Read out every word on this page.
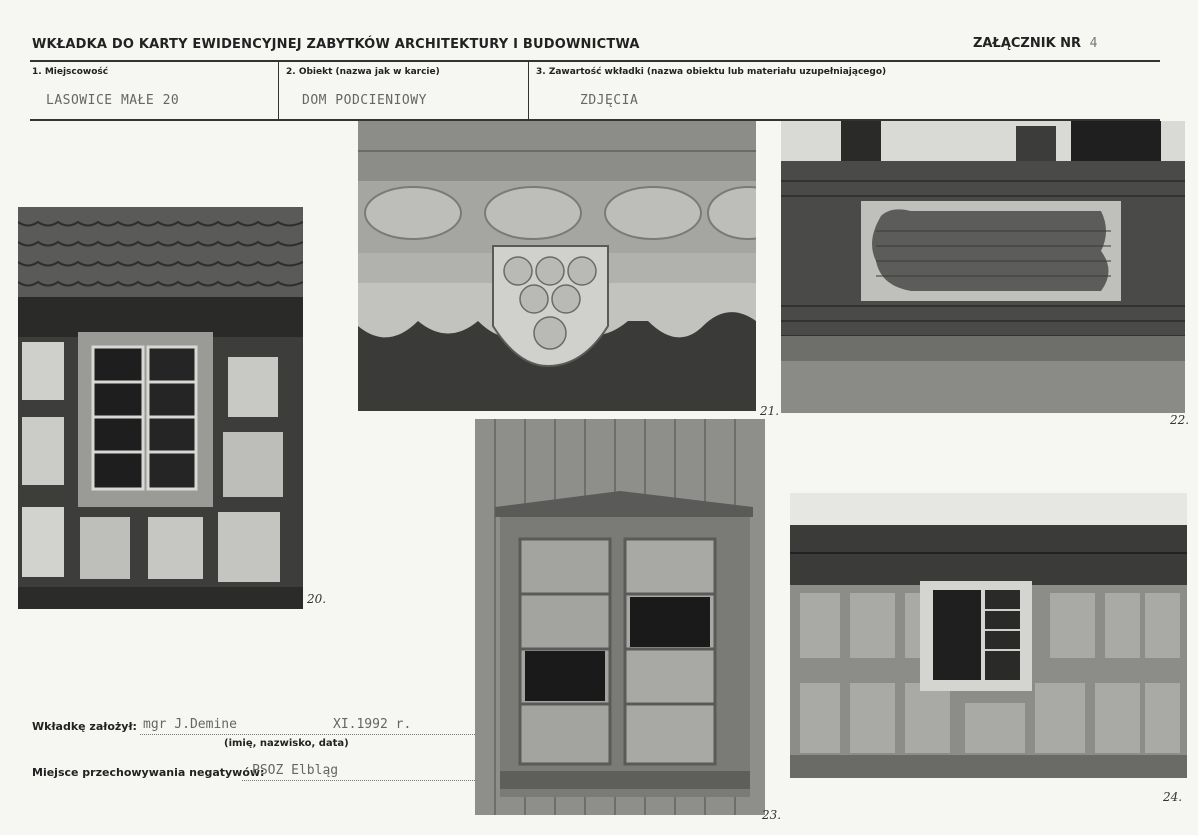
WKŁADKA DO KARTY EWIDENCYJNEJ ZABYTKÓW ARCHITEKTURY I BUDOWNICTWA	ZAŁĄCZNIK NR 4
1. Miejscowość
LASOWICE MAŁE 20
2. Obiekt (nazwa jak w karcie)
DOM PODCIENIOWY
3. Zawartość wkładki (nazwa obiektu lub materiału uzupełniającego)
ZDJĘCIA
20.
21.
22.
23.
24.
Wkładkę założył: mgr J.Demine	XI.1992 r.
(imię, nazwisko, data)
Miejsce przechowywania negatywów:
PSOZ Elbląg
